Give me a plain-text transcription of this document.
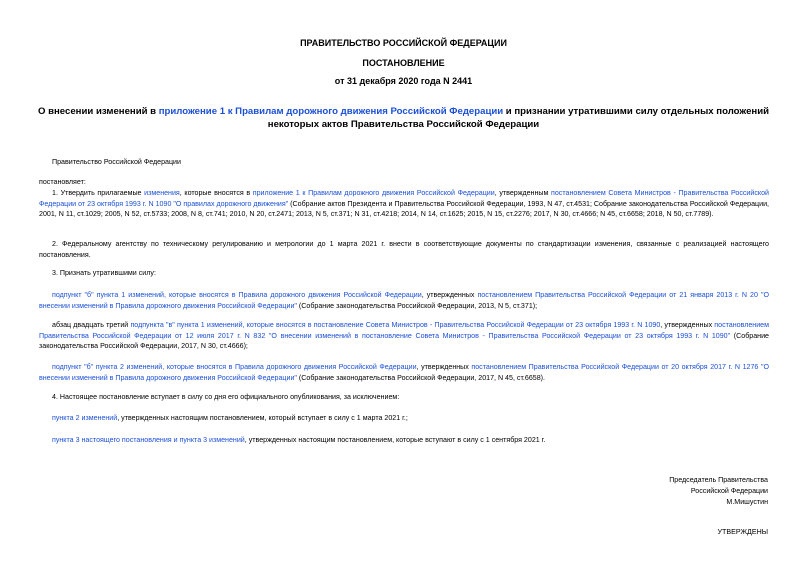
ПРАВИТЕЛЬСТВО РОССИЙСКОЙ ФЕДЕРАЦИИ
ПОСТАНОВЛЕНИЕ
от 31 декабря 2020 года N 2441
О внесении изменений в приложение 1 к Правилам дорожного движения Российской Федерации и признании утратившими силу отдельных положений некоторых актов Правительства Российской Федерации
Правительство Российской Федерации
постановляет:
1. Утвердить прилагаемые изменения, которые вносятся в приложение 1 к Правилам дорожного движения Российской Федерации, утвержденным постановлением Совета Министров - Правительства Российской Федерации от 23 октября 1993 г. N 1090 "О правилах дорожного движения" (Собрание актов Президента и Правительства Российской Федерации, 1993, N 47, ст.4531; Собрание законодательства Российской Федерации, 2001, N 11, ст.1029; 2005, N 52, ст.5733; 2008, N 8, ст.741; 2010, N 20, ст.2471; 2013, N 5, ст.371; N 31, ст.4218; 2014, N 14, ст.1625; 2015, N 15, ст.2276; 2017, N 30, ст.4666; N 45, ст.6658; 2018, N 50, ст.7789).
2. Федеральному агентству по техническому регулированию и метрологии до 1 марта 2021 г. внести в соответствующие документы по стандартизации изменения, связанные с реализацией настоящего постановления.
3. Признать утратившими силу:
подпункт "б" пункта 1 изменений, которые вносятся в Правила дорожного движения Российской Федерации, утвержденных постановлением Правительства Российской Федерации от 21 января 2013 г. N 20 "О внесении изменений в Правила дорожного движения Российской Федерации" (Собрание законодательства Российской Федерации, 2013, N 5, ст.371);
абзац двадцать третий подпункта "в" пункта 1 изменений, которые вносятся в постановление Совета Министров - Правительства Российской Федерации от 23 октября 1993 г. N 1090, утвержденных постановлением Правительства Российской Федерации от 12 июля 2017 г. N 832 "О внесении изменений в постановление Совета Министров - Правительства Российской Федерации от 23 октября 1993 г. N 1090" (Собрание законодательства Российской Федерации, 2017, N 30, ст.4666);
подпункт "б" пункта 2 изменений, которые вносятся в Правила дорожного движения Российской Федерации, утвержденных постановлением Правительства Российской Федерации от 20 октября 2017 г. N 1276 "О внесении изменений в Правила дорожного движения Российской Федерации" (Собрание законодательства Российской Федерации, 2017, N 45, ст.6658).
4. Настоящее постановление вступает в силу со дня его официального опубликования, за исключением:
пункта 2 изменений, утвержденных настоящим постановлением, который вступает в силу с 1 марта 2021 г.;
пункта 3 настоящего постановления и пункта 3 изменений, утвержденных настоящим постановлением, которые вступают в силу с 1 сентября 2021 г.
Председатель Правительства
Российской Федерации
М.Мишустин
УТВЕРЖДЕНЫ
